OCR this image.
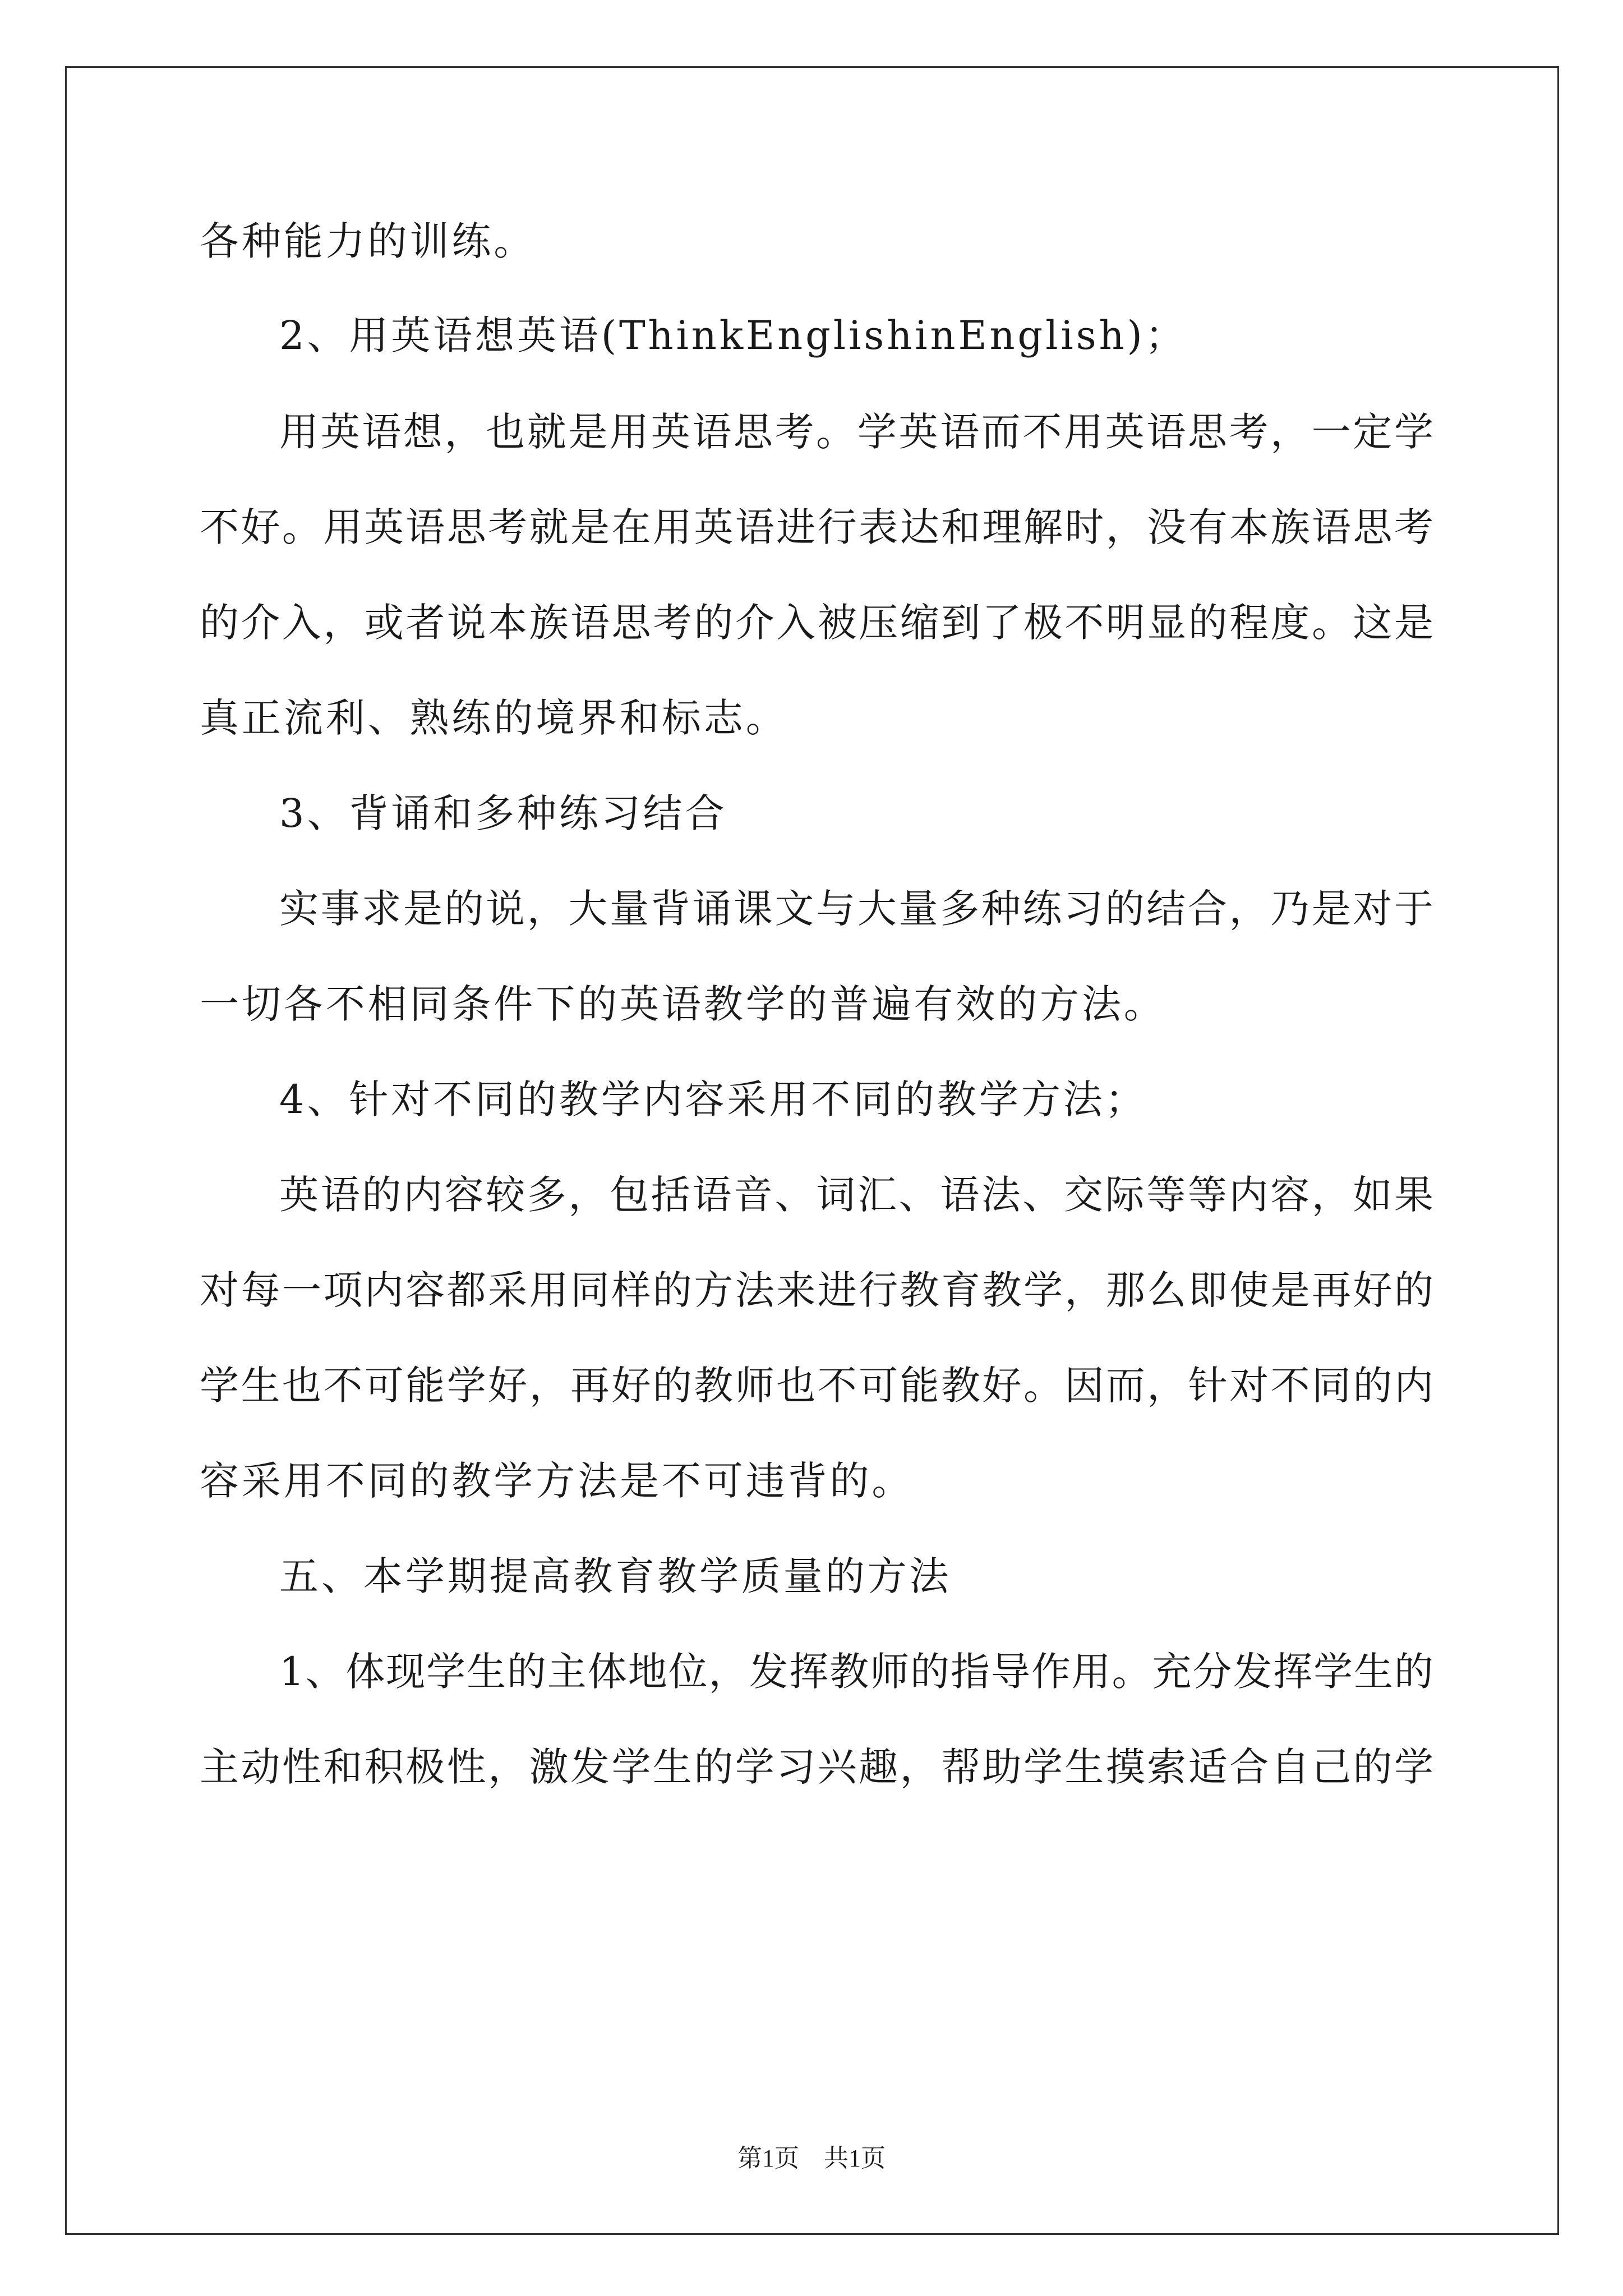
各种能力的训练。
2、用英语想英语(ThinkEnglishinEnglish)；
用英语想，也就是用英语思考。学英语而不用英语思考，一定学
不好。用英语思考就是在用英语进行表达和理解时，没有本族语思考
的介入，或者说本族语思考的介入被压缩到了极不明显的程度。这是
真正流利、熟练的境界和标志。
3、背诵和多种练习结合
实事求是的说，大量背诵课文与大量多种练习的结合，乃是对于
一切各不相同条件下的英语教学的普遍有效的方法。
4、针对不同的教学内容采用不同的教学方法；
英语的内容较多，包括语音、词汇、语法、交际等等内容，如果
对每一项内容都采用同样的方法来进行教育教学，那么即使是再好的
学生也不可能学好，再好的教师也不可能教好。因而，针对不同的内
容采用不同的教学方法是不可违背的。
五、本学期提高教育教学质量的方法
1、体现学生的主体地位，发挥教师的指导作用。充分发挥学生的
主动性和积极性，激发学生的学习兴趣，帮助学生摸索适合自己的学
第1页　共1页
